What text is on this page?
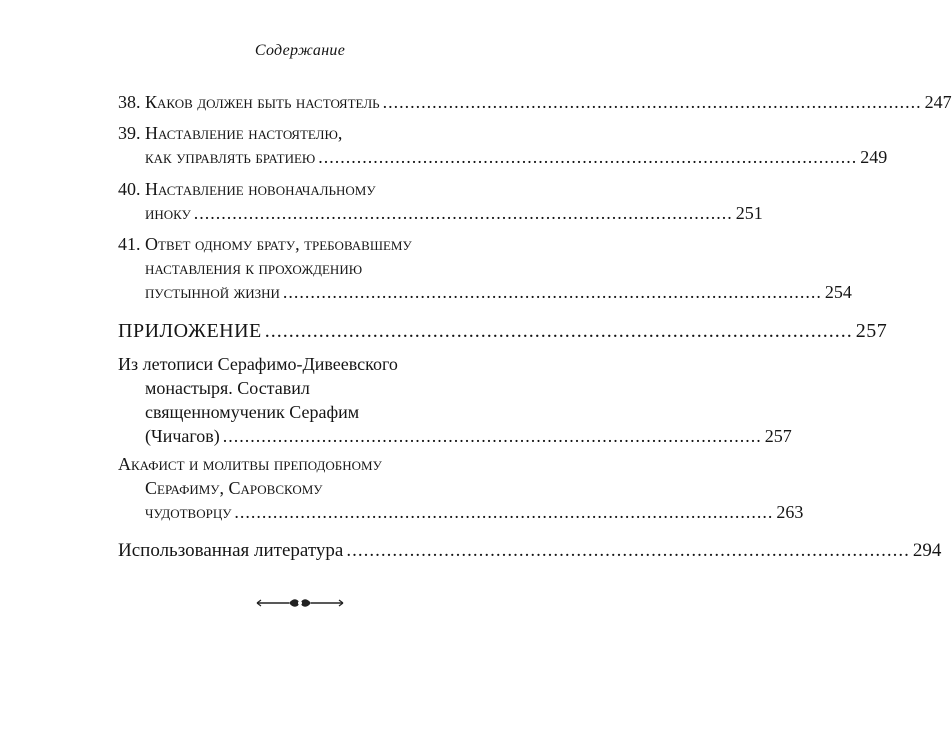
Содержание
38. Каков должен быть настоятель .................................................................................................. 247
39. Наставление настоятелю,
как управлять братиею .................................................................................................. 249
40. Наставление новоначальному
иноку .................................................................................................. 251
41. Ответ одному брату, требовавшему
наставления к прохождению
пустынной жизни .................................................................................................. 254
ПРИЛОЖЕНИЕ .................................................................................................. 257
Из летописи Серафимо-Дивеевского
монастыря. Составил
священномученик Серафим
(Чичагов) .................................................................................................. 257
Акафист и молитвы преподобному
Серафиму, Саровскому
чудотворцу .................................................................................................. 263
Использованная литература .................................................................................................. 294
